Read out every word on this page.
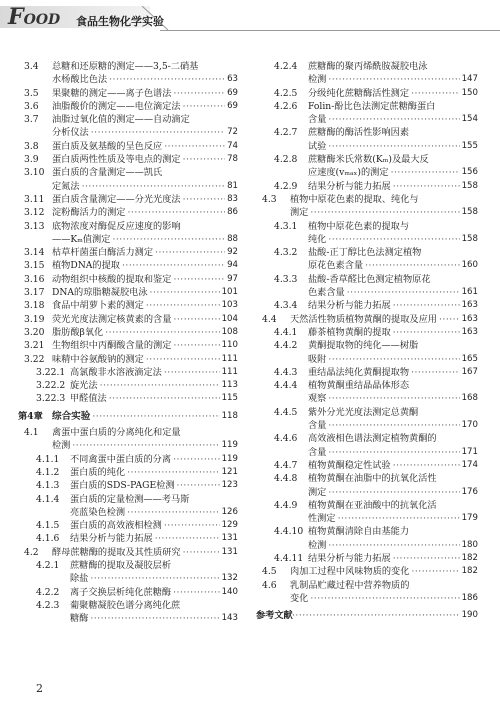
FOOD 食品生物化学实验
3.4	总糖和还原糖的测定——3,5-二硝基
水杨酸比色法 ·····	63
3.5	果聚糖的测定——离子色谱法 ·····	69
3.6	油脂酸价的测定——电位滴定法 ·····	69
3.7	油脂过氧化值的测定——自动滴定
分析仪法 ·····	72
3.8	蛋白质及氨基酸的呈色反应 ·····	74
3.9	蛋白质两性性质及等电点的测定 ·····	78
3.10 蛋白质的含量测定——凯氏
定氮法 ·····	81
3.11 蛋白质含量测定——分光光度法 ·····	83
3.12 淀粉酶活力的测定 ·····	86
3.13 底物浓度对酶促反应速度的影响
——Kₘ值测定 ·····	88
3.14 枯草杆菌蛋白酶活力测定 ·····	92
3.15 植物DNA的提取 ·····	94
3.16 动物组织中核酸的提取和鉴定 ·····	97
3.17 DNA的琼脂糖凝胶电泳 ·····	101
3.18 食品中胡萝卜素的测定 ·····	103
3.19 荧光光度法测定核黄素的含量 ·····	104
3.20 脂肪酸β氧化 ·····	108
3.21 生物组织中丙酮酸含量的测定 ·····	110
3.22 味精中谷氨酸钠的测定 ·····	111
3.22.1 高氯酸非水溶液滴定法 ·····	111
3.22.2 旋光法 ·····	113
3.22.3 甲醛值法 ·····	115
第4章 综合实验 ·····	118
4.1	禽蛋中蛋白质的分离纯化和定量
检测 ·····	119
4.1.1	不同禽蛋中蛋白质的分离 ·····	119
4.1.2	蛋白质的纯化 ·····	121
4.1.3	蛋白质的SDS-PAGE检测 ·····	123
4.1.4	蛋白质的定量检测——考马斯
亮蓝染色检测 ·····	126
4.1.5	蛋白质的高效液相检测 ·····	129
4.1.6	结果分析与能力拓展 ·····	131
4.2	酵母蔗糖酶的提取及其性质研究 ·····	131
4.2.1	蔗糖酶的提取及凝胶层析
除盐 ·····	132
4.2.2	离子交换层析纯化蔗糖酶 ·····	140
4.2.3	葡聚糖凝胶色谱分离纯化蔗
糖酶 ·····	143
4.2.4	蔗糖酶的聚丙烯酰胺凝胶电泳
检测 ·····	147
4.2.5	分级纯化蔗糖酶活性测定 ·····	150
4.2.6	Folin-酚比色法测定蔗糖酶蛋白
含量 ·····	154
4.2.7	蔗糖酶的酶活性影响因素
试验 ·····	155
4.2.8	蔗糖酶米氏常数(Kₘ)及最大反
应速度(vₘₐₓ)的测定 ·····	156
4.2.9	结果分析与能力拓展 ·····	158
4.3	植物中原花色素的提取、纯化与
测定 ·····	158
4.3.1	植物中原花色素的提取与
纯化 ·····	158
4.3.2	盐酸-正丁醇比色法测定植物
原花色素含量 ·····	160
4.3.3	盐酸-香草醛比色测定植物原花
色素含量 ·····	161
4.3.4	结果分析与能力拓展 ·····	163
4.4	天然活性物质植物黄酮的提取及应用 ·····	163
4.4.1	藤茶植物黄酮的提取 ·····	163
4.4.2	黄酮提取物的纯化——树脂
吸附 ·····	165
4.4.3	重结晶法纯化黄酮提取物 ·····	167
4.4.4	植物黄酮重结晶晶体形态
观察 ·····	168
4.4.5	紫外分光光度法测定总黄酮
含量 ·····	170
4.4.6	高效液相色谱法测定植物黄酮的
含量 ·····	171
4.4.7	植物黄酮稳定性试验 ·····	174
4.4.8	植物黄酮在油脂中的抗氧化活性
测定 ·····	176
4.4.9	植物黄酮在亚油酸中的抗氧化活
性测定 ·····	179
4.4.10 植物黄酮清除自由基能力
检测 ·····	180
4.4.11 结果分析与能力拓展 ·····	182
4.5	肉加工过程中风味物质的变化 ·····	182
4.6	乳制品贮藏过程中营养物质的
变化 ·····	186
参考文献 ·····	190
2
